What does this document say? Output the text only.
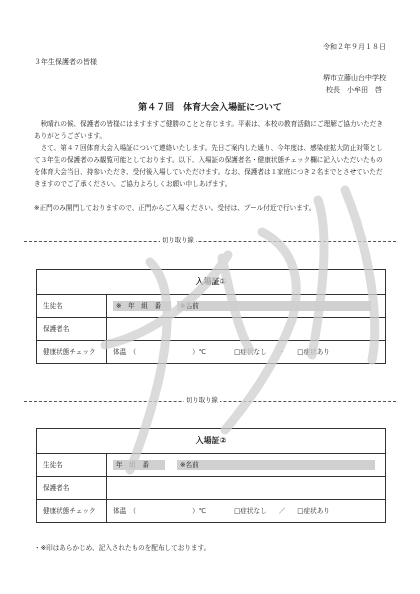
令和２年９月１８日
３年生保護者の皆様
堺市立藤山台中学校
校長　小牟田　啓
第４７回　体育大会入場証について
　秋晴れの候、保護者の皆様にはますますご健勝のことと存じます。平素は、本校の教育活動にご理解ご協力いただきありがとうございます。
　さて、第４７回体育大会入場証について連絡いたします。先日ご案内した通り、今年度は、感染症拡大防止対策として３年生の保護者のみ観覧可能としております。以下、入場証の保護者名・健康状態チェック欄に記入いただいたものを体育大会当日、持参いただき、受付後入場していただけます。なお、保護者は１家庭につき２名までとさせていただきますのでご了承ください。ご協力よろしくお願い申しあげます。
※正門のみ開門しておりますので、正門からご入場ください。受付は、プール付近で行います。
切り取り線
入場証①	
生徒名	※　年　組　番 ※名前

保護者名	
健康状態チェック	体温　（ ）℃ □症状なし ・ □症状あり
切り取り線
入場証②	
生徒名	年　組　番 ※名前

保護者名	
健康状態チェック	体温　（ ）℃ □症状なし ／ □症状あり
・※印はあらかじめ、記入されたものを配布しております。
